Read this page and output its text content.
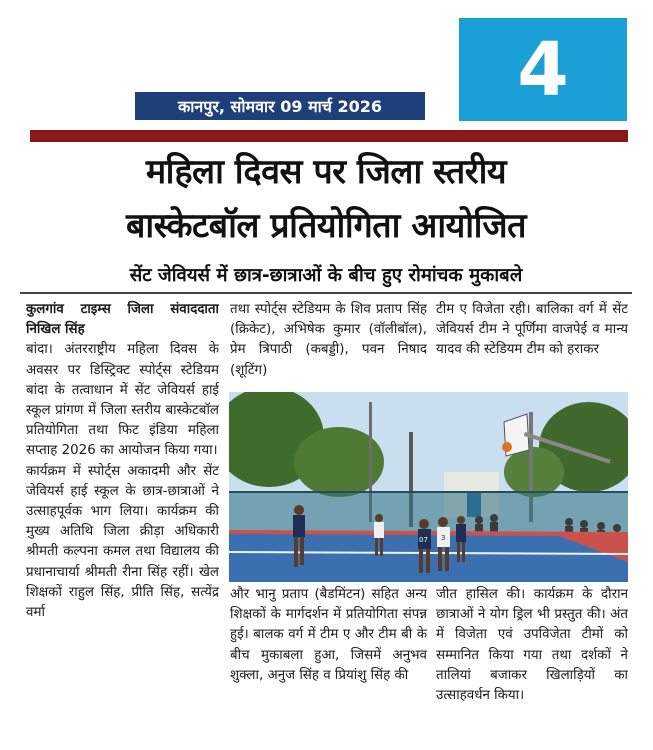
4
कानपुर, सोमवार 09 मार्च 2026
महिला दिवस पर जिला स्तरीय
बास्केटबॉल प्रतियोगिता आयोजित
सेंट जेवियर्स में छात्र-छात्राओं के बीच हुए रोमांचक मुकाबले

कुलगांव टाइम्स जिला संवाददाता निखिल सिंह

बांदा। अंतरराष्ट्रीय महिला दिवस के अवसर पर डिस्ट्रिक्ट स्पोर्ट्स स्टेडियम बांदा के तत्वाधान में सेंट जेवियर्स हाई स्कूल प्रांगण में जिला स्तरीय बास्केटबॉल प्रतियोगिता तथा फिट इंडिया महिला सप्ताह 2026 का आयोजन किया गया।

कार्यक्रम में स्पोर्ट्स अकादमी और सेंट जेवियर्स हाई स्कूल के छात्र-छात्राओं ने उत्साहपूर्वक भाग लिया। कार्यक्रम की मुख्य अतिथि जिला क्रीड़ा अधिकारी श्रीमती कल्पना कमल तथा विद्यालय की प्रधानाचार्या श्रीमती रीना सिंह रहीं। खेल शिक्षकों राहुल सिंह, प्रीति सिंह, सत्येंद्र वर्मा

तथा स्पोर्ट्स स्टेडियम के शिव प्रताप सिंह (क्रिकेट), अभिषेक कुमार (वॉलीबॉल), प्रेम त्रिपाठी (कबड्डी), पवन निषाद (शूटिंग)

टीम ए विजेता रही। बालिका वर्ग में सेंट जेवियर्स टीम ने पूर्णिमा वाजपेई व मान्य यादव की स्टेडियम टीम को हराकर

07 3

और भानु प्रताप (बैडमिंटन) सहित अन्य शिक्षकों के मार्गदर्शन में प्रतियोगिता संपन्न हुई। बालक वर्ग में टीम ए और टीम बी के बीच मुकाबला हुआ, जिसमें अनुभव शुक्ला, अनुज सिंह व प्रियांशु सिंह की

जीत हासिल की। कार्यक्रम के दौरान छात्राओं ने योग ड्रिल भी प्रस्तुत की। अंत में विजेता एवं उपविजेता टीमों को सम्मानित किया गया तथा दर्शकों ने तालियां बजाकर खिलाड़ियों का उत्साहवर्धन किया।
